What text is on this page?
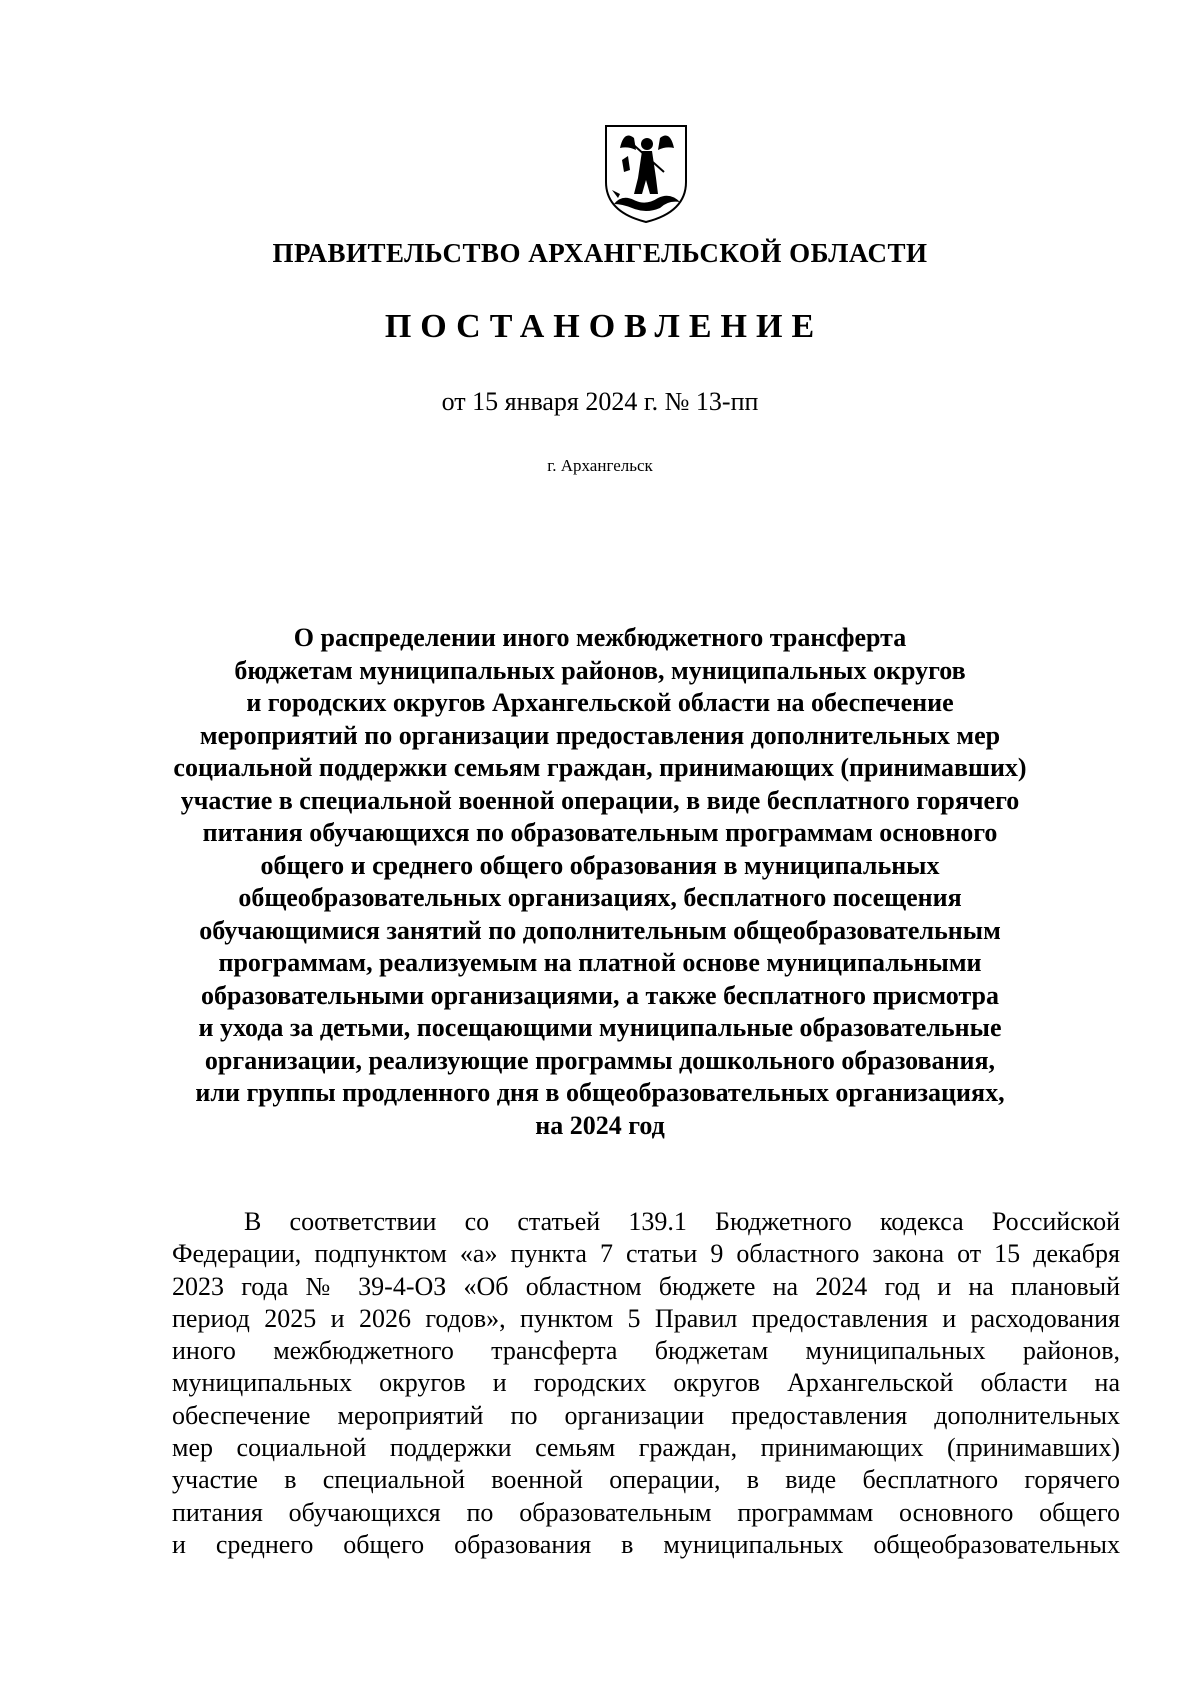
ПРАВИТЕЛЬСТВО АРХАНГЕЛЬСКОЙ ОБЛАСТИ
ПОСТАНОВЛЕНИЕ
от 15 января 2024 г. № 13-пп
г. Архангельск
О распределении иного межбюджетного трансферта
бюджетам муниципальных районов, муниципальных округов
и городских округов Архангельской области на обеспечение
мероприятий по организации предоставления дополнительных мер
социальной поддержки семьям граждан, принимающих (принимавших)
участие в специальной военной операции, в виде бесплатного горячего
питания обучающихся по образовательным программам основного
общего и среднего общего образования в муниципальных
общеобразовательных организациях, бесплатного посещения
обучающимися занятий по дополнительным общеобразовательным
программам, реализуемым на платной основе муниципальными
образовательными организациями, а также бесплатного присмотра
и ухода за детьми, посещающими муниципальные образовательные
организации, реализующие программы дошкольного образования,
или группы продленного дня в общеобразовательных организациях,
на 2024 год
В соответствии со статьей 139.1 Бюджетного кодекса Российской
Федерации, подпунктом «а» пункта 7 статьи 9 областного закона от 15 декабря
2023 года № 39-4-ОЗ «Об областном бюджете на 2024 год и на плановый
период 2025 и 2026 годов», пунктом 5 Правил предоставления и расходования
иного межбюджетного трансферта бюджетам муниципальных районов,
муниципальных округов и городских округов Архангельской области на
обеспечение мероприятий по организации предоставления дополнительных
мер социальной поддержки семьям граждан, принимающих (принимавших)
участие в специальной военной операции, в виде бесплатного горячего
питания обучающихся по образовательным программам основного общего
и среднего общего образования в муниципальных общеобразовательных
